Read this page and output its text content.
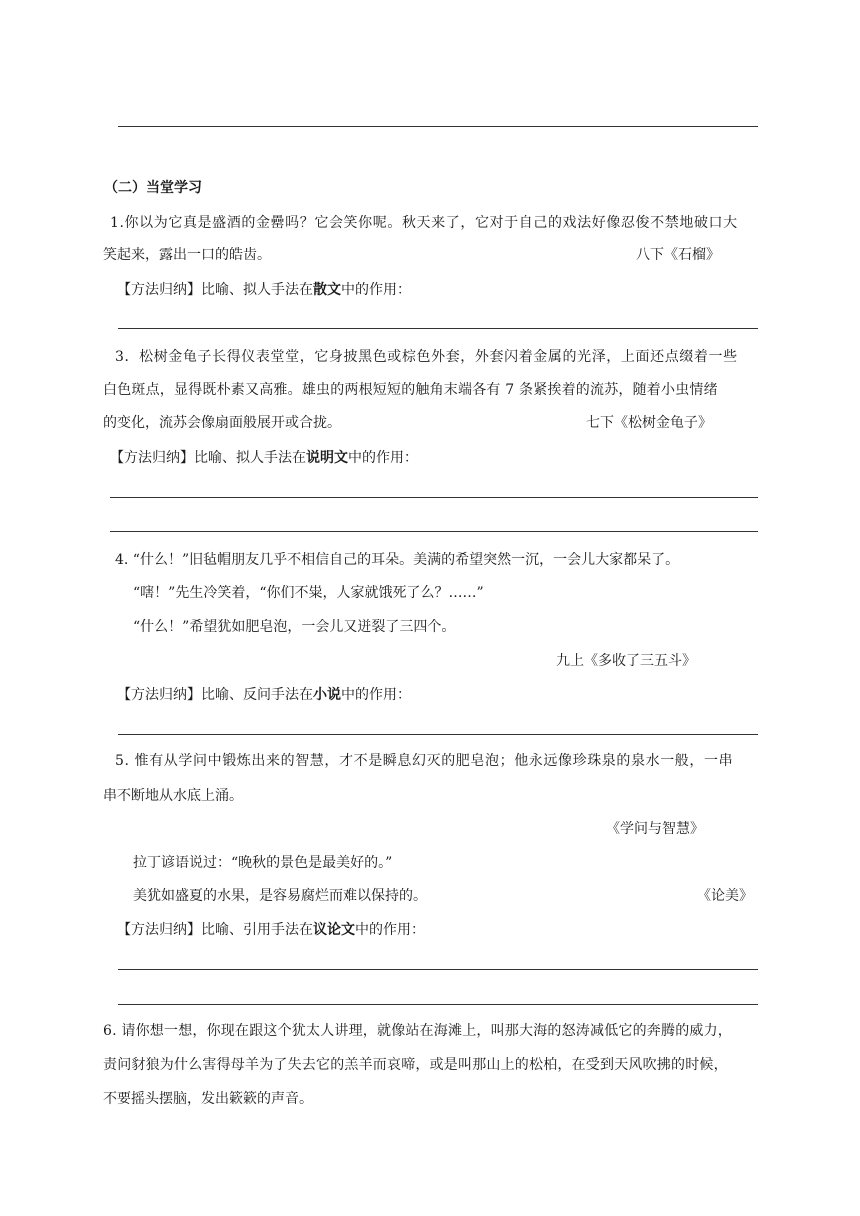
（二）当堂学习
1.你以为它真是盛酒的金罍吗？它会笑你呢。秋天来了，它对于自己的戏法好像忍俊不禁地破口大
笑起来，露出一口的皓齿。	八下《石榴》
【方法归纳】比喻、拟人手法在散文中的作用：
3．松树金龟子长得仪表堂堂，它身披黑色或棕色外套，外套闪着金属的光泽，上面还点缀着一些
白色斑点，显得既朴素又高雅。雄虫的两根短短的触角末端各有 7 条紧挨着的流苏，随着小虫情绪
的变化，流苏会像扇面般展开或合拢。	七下《松树金龟子》
【方法归纳】比喻、拟人手法在说明文中的作用：
4. “什么！”旧毡帽朋友几乎不相信自己的耳朵。美满的希望突然一沉，一会儿大家都呆了。
“嗐！”先生冷笑着，“你们不粜，人家就饿死了么？……”
“什么！”希望犹如肥皂泡，一会儿又迸裂了三四个。
九上《多收了三五斗》
【方法归纳】比喻、反问手法在小说中的作用：
5. 惟有从学问中锻炼出来的智慧，才不是瞬息幻灭的肥皂泡；他永远像珍珠泉的泉水一般，一串
串不断地从水底上涌。
《学问与智慧》
拉丁谚语说过：“晚秋的景色是最美好的。”
美犹如盛夏的水果，是容易腐烂而难以保持的。	《论美》
【方法归纳】比喻、引用手法在议论文中的作用：
6. 请你想一想，你现在跟这个犹太人讲理，就像站在海滩上，叫那大海的怒涛减低它的奔腾的威力，
责问豺狼为什么害得母羊为了失去它的羔羊而哀啼，或是叫那山上的松柏，在受到天风吹拂的时候，
不要摇头摆脑，发出簌簌的声音。
